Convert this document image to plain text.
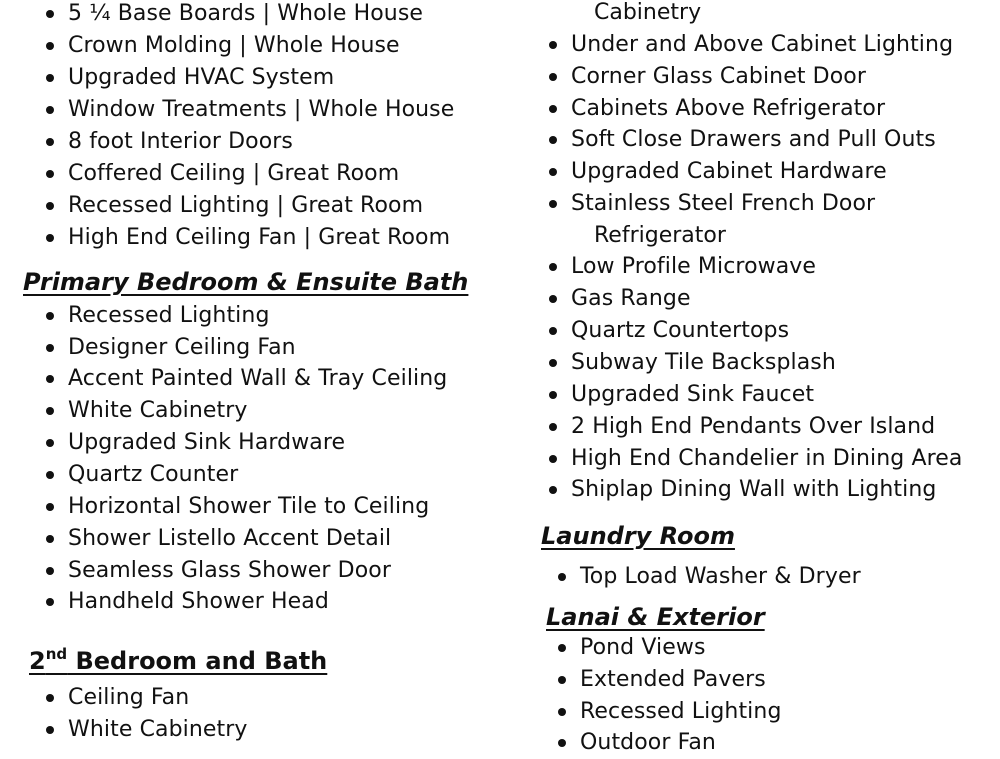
5 ¼ Base Boards | Whole House
Crown Molding | Whole House
Upgraded HVAC System
Window Treatments | Whole House
8 foot Interior Doors
Coffered Ceiling | Great Room
Recessed Lighting | Great Room
High End Ceiling Fan | Great Room
Primary Bedroom & Ensuite Bath
Recessed Lighting
Designer Ceiling Fan
Accent Painted Wall & Tray Ceiling
White Cabinetry
Upgraded Sink Hardware
Quartz Counter
Horizontal Shower Tile to Ceiling
Shower Listello Accent Detail
Seamless Glass Shower Door
Handheld Shower Head
2nd Bedroom and Bath
Ceiling Fan
White Cabinetry
Cabinetry
Under and Above Cabinet Lighting
Corner Glass Cabinet Door
Cabinets Above Refrigerator
Soft Close Drawers and Pull Outs
Upgraded Cabinet Hardware
Stainless Steel French Door
Refrigerator
Low Profile Microwave
Gas Range
Quartz Countertops
Subway Tile Backsplash
Upgraded Sink Faucet
2 High End Pendants Over Island
High End Chandelier in Dining Area
Shiplap Dining Wall with Lighting
Laundry Room
Top Load Washer & Dryer
Lanai & Exterior
Pond Views
Extended Pavers
Recessed Lighting
Outdoor Fan
